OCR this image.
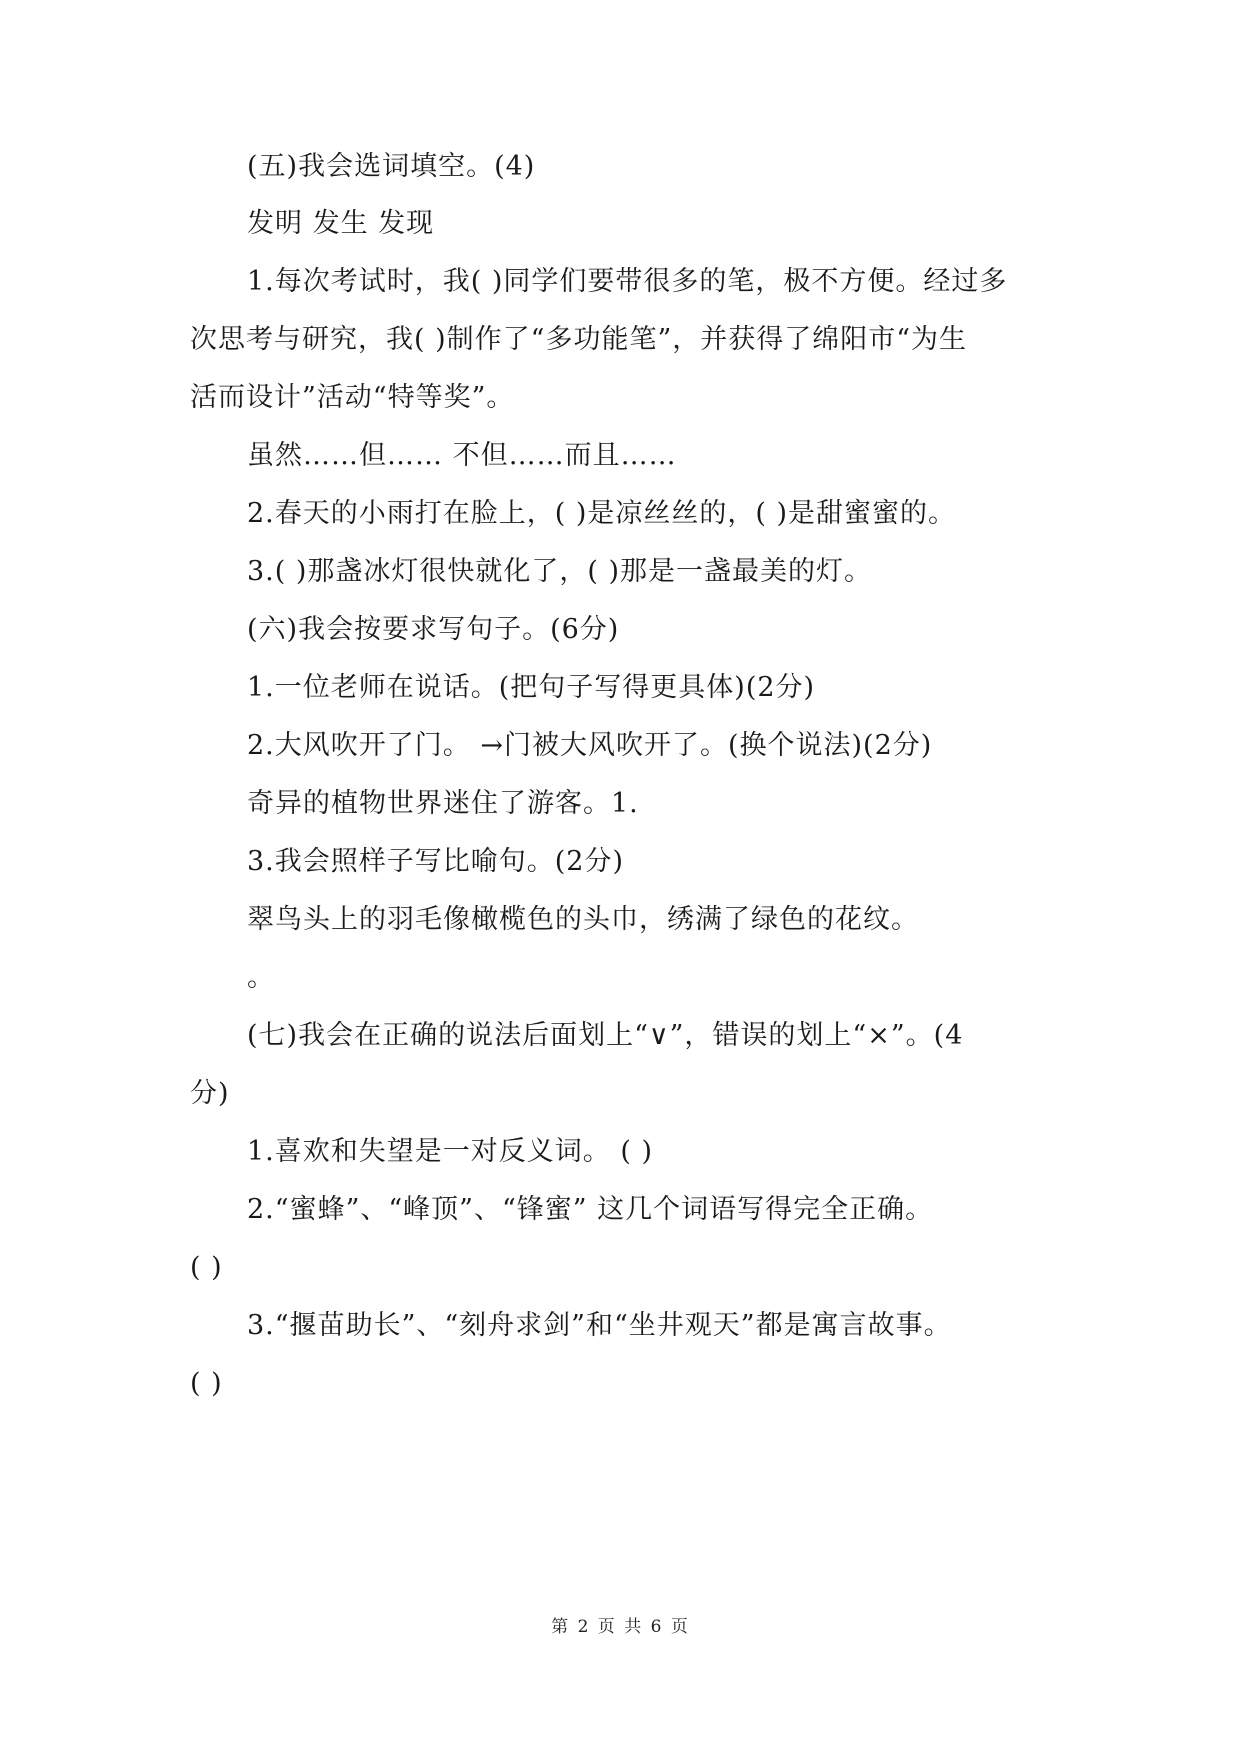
(五)我会选词填空。(4)
发明 发生 发现
1.每次考试时，我( )同学们要带很多的笔，极不方便。经过多
次思考与研究，我( )制作了“多功能笔”，并获得了绵阳市“为生
活而设计”活动“特等奖”。
虽然……但…… 不但……而且……
2.春天的小雨打在脸上，( )是凉丝丝的，( )是甜蜜蜜的。
3.( )那盏冰灯很快就化了，( )那是一盏最美的灯。
(六)我会按要求写句子。(6分)
1.一位老师在说话。(把句子写得更具体)(2分)
2.大风吹开了门。 →门被大风吹开了。(换个说法)(2分)
奇异的植物世界迷住了游客。1.
3.我会照样子写比喻句。(2分)
翠鸟头上的羽毛像橄榄色的头巾，绣满了绿色的花纹。
。
(七)我会在正确的说法后面划上“∨”，错误的划上“×”。(4
分)
1.喜欢和失望是一对反义词。 ( )
2.“蜜蜂”、“峰顶”、“锋蜜” 这几个词语写得完全正确。
( )
3.“揠苗助长”、“刻舟求剑”和“坐井观天”都是寓言故事。
( )
第 2 页 共 6 页
